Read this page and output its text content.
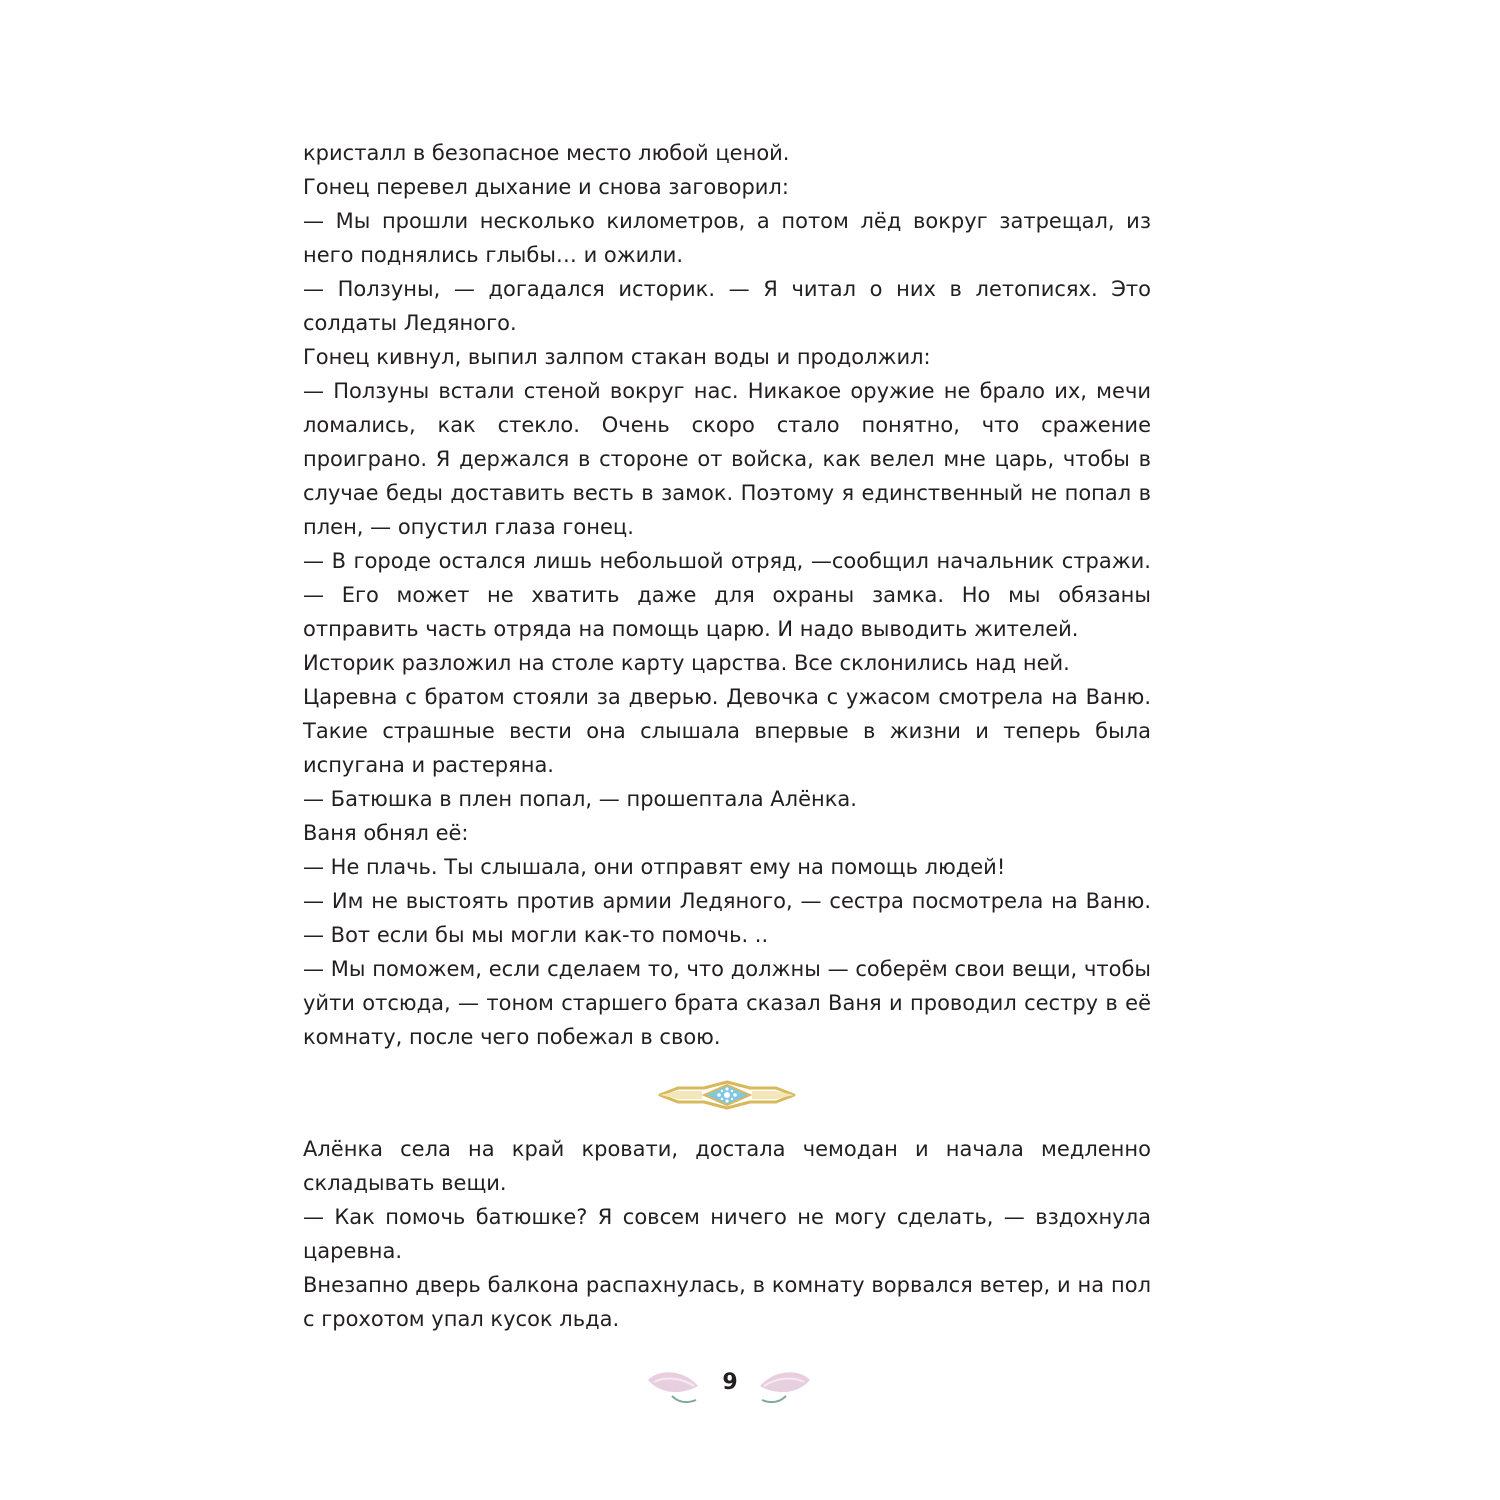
кристалл в безопасное место любой ценой.

Гонец перевел дыхание и снова заговорил:

— Мы прошли несколько километров, а потом лёд вокруг затрещал, из него поднялись глыбы… и ожили.

— Ползуны, — догадался историк. — Я читал о них в летописях. Это солдаты Ледяного.

Гонец кивнул, выпил залпом стакан воды и продолжил:

— Ползуны встали стеной вокруг нас. Никакое оружие не брало их, мечи ломались, как стекло. Очень скоро стало понятно, что сражение проиграно. Я держался в стороне от войска, как велел мне царь, чтобы в случае беды доставить весть в замок. Поэтому я единственный не попал в плен, — опустил глаза гонец.

— В городе остался лишь небольшой отряд, —сообщил начальник стражи. — Его может не хватить даже для охраны замка. Но мы обязаны отправить часть отряда на помощь царю. И надо выводить жителей.

Историк разложил на столе карту царства. Все склонились над ней.

Царевна с братом стояли за дверью. Девочка с ужасом смотрела на Ваню. Такие страшные вести она слышала впервые в жизни и теперь была испугана и растеряна.

— Батюшка в плен попал, — прошептала Алёнка.

Ваня обнял её:

— Не плачь. Ты слышала, они отправят ему на помощь людей!

— Им не выстоять против армии Ледяного, — сестра посмотрела на Ваню. — Вот если бы мы могли как-то помочь. ..

— Мы поможем, если сделаем то, что должны — соберём свои вещи, чтобы уйти отсюда, — тоном старшего брата сказал Ваня и проводил сестру в её комнату, после чего побежал в свою.

Алёнка села на край кровати, достала чемодан и начала медленно складывать вещи.

— Как помочь батюшке? Я совсем ничего не могу сделать, — вздохнула царевна.

Внезапно дверь балкона распахнулась, в комнату ворвался ветер, и на пол с грохотом упал кусок льда.

9
